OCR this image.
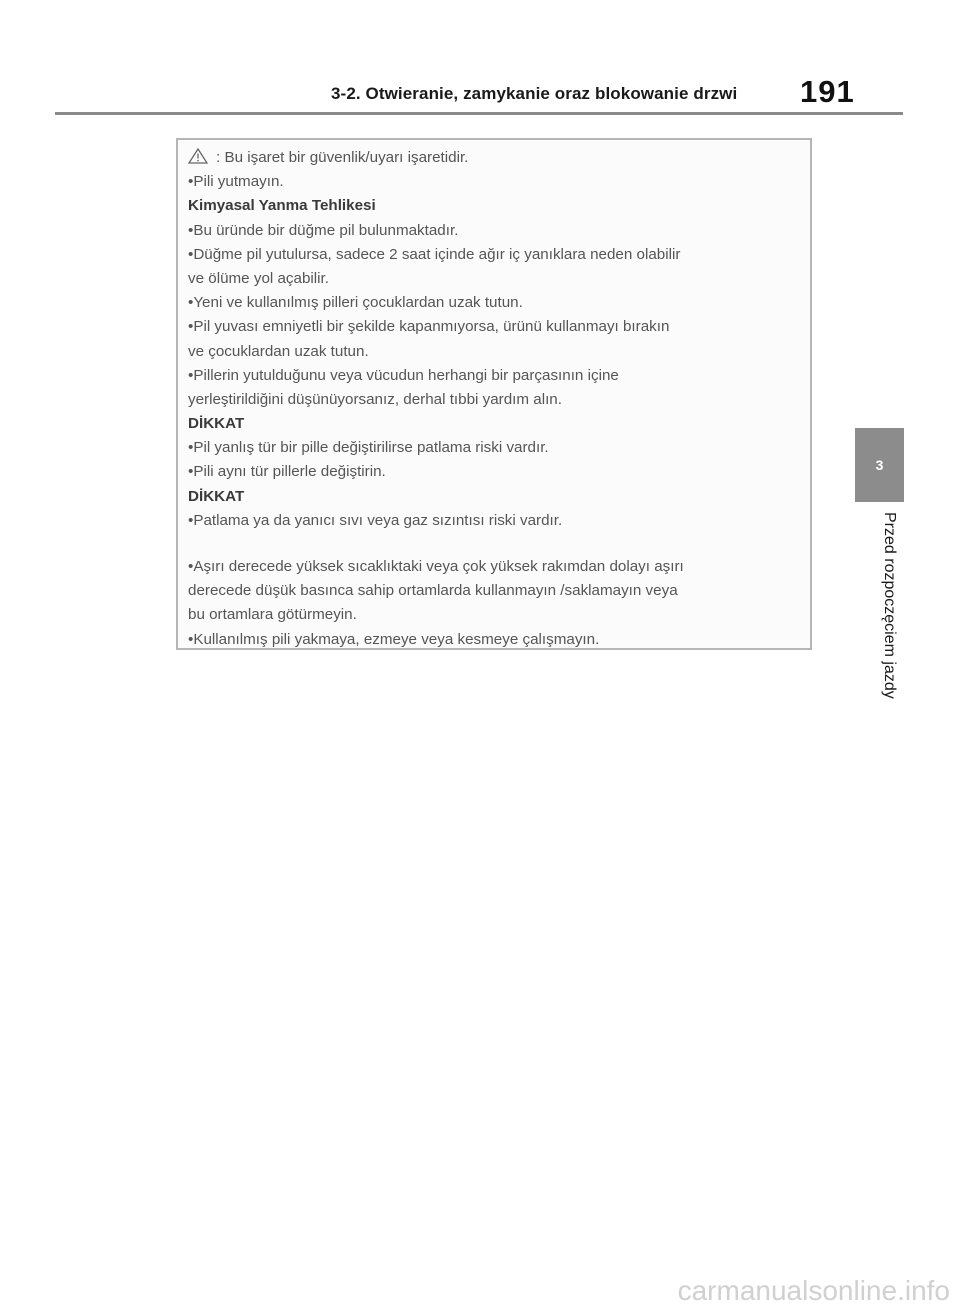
3-2. Otwieranie, zamykanie oraz blokowanie drzwi 191
3
Przed rozpoczęciem jazdy
: Bu işaret bir güvenlik/uyarı işaretidir.
•Pili yutmayın.
Kimyasal Yanma Tehlikesi
•Bu üründe bir düğme pil bulunmaktadır.
•Düğme pil yutulursa, sadece 2 saat içinde ağır iç yanıklara neden olabilir
ve ölüme yol açabilir.
•Yeni ve kullanılmış pilleri çocuklardan uzak tutun.
•Pil yuvası emniyetli bir şekilde kapanmıyorsa, ürünü kullanmayı bırakın
ve çocuklardan uzak tutun.
•Pillerin yutulduğunu veya vücudun herhangi bir parçasının içine
yerleştirildiğini düşünüyorsanız, derhal tıbbi yardım alın.
DİKKAT
•Pil yanlış tür bir pille değiştirilirse patlama riski vardır.
•Pili aynı tür pillerle değiştirin.
DİKKAT
•Patlama ya da yanıcı sıvı veya gaz sızıntısı riski vardır.
•Aşırı derecede yüksek sıcaklıktaki veya çok yüksek rakımdan dolayı aşırı
derecede düşük basınca sahip ortamlarda kullanmayın /saklamayın veya
bu ortamlara götürmeyin.
•Kullanılmış pili yakmaya, ezmeye veya kesmeye çalışmayın.
carmanualsonline.info
